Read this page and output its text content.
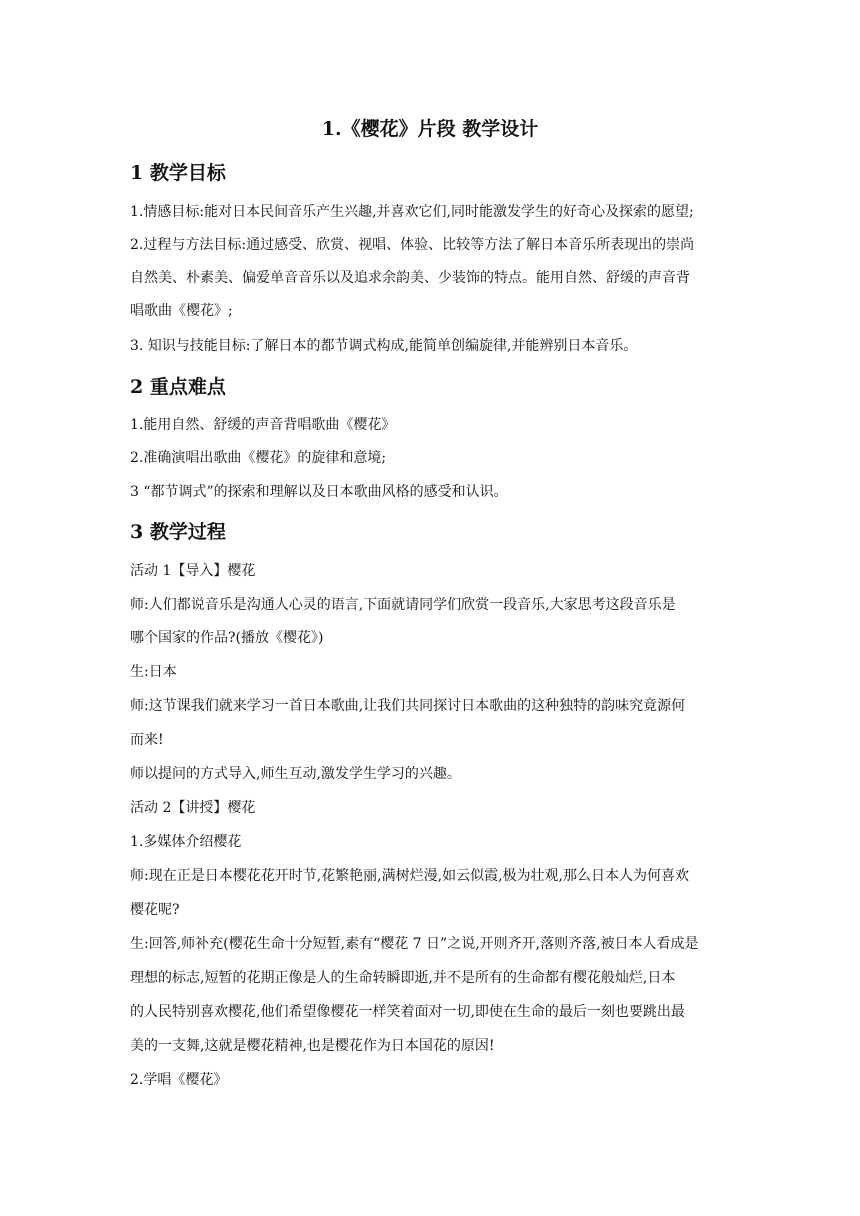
1.《樱花》片段 教学设计
1 教学目标
1.情感目标:能对日本民间音乐产生兴趣,并喜欢它们,同时能激发学生的好奇心及探索的愿望;
2.过程与方法目标:通过感受、欣赏、视唱、体验、比较等方法了解日本音乐所表现出的崇尚
自然美、朴素美、偏爱单音音乐以及追求余韵美、少装饰的特点。能用自然、舒缓的声音背
唱歌曲《樱花》;
3. 知识与技能目标:了解日本的都节调式构成,能简单创编旋律,并能辨别日本音乐。
2 重点难点
1.能用自然、舒缓的声音背唱歌曲《樱花》
2.准确演唱出歌曲《樱花》的旋律和意境;
3 “都节调式”的探索和理解以及日本歌曲风格的感受和认识。
3 教学过程
活动 1【导入】樱花
师:人们都说音乐是沟通人心灵的语言,下面就请同学们欣赏一段音乐,大家思考这段音乐是
哪个国家的作品?(播放《樱花》)
生:日本
师:这节课我们就来学习一首日本歌曲,让我们共同探讨日本歌曲的这种独特的韵味究竟源何
而来!
师以提问的方式导入,师生互动,激发学生学习的兴趣。
活动 2【讲授】樱花
1.多媒体介绍樱花
师:现在正是日本樱花花开时节,花繁艳丽,满树烂漫,如云似霞,极为壮观,那么日本人为何喜欢
樱花呢?
生:回答,师补充(樱花生命十分短暂,素有“樱花 7 日”之说,开则齐开,落则齐落,被日本人看成是
理想的标志,短暂的花期正像是人的生命转瞬即逝,并不是所有的生命都有樱花般灿烂,日本
的人民特别喜欢樱花,他们希望像樱花一样笑着面对一切,即使在生命的最后一刻也要跳出最
美的一支舞,这就是樱花精神,也是樱花作为日本国花的原因!
2.学唱《樱花》
